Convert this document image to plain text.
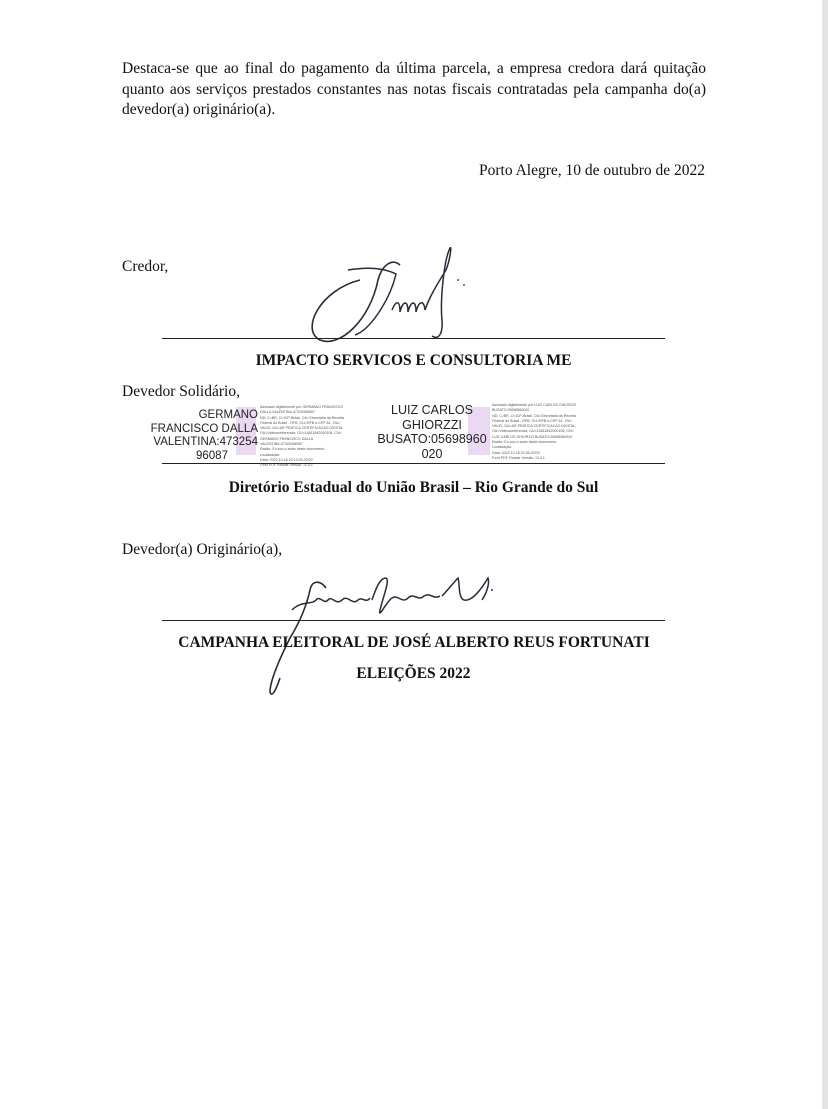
Destaca-se que ao final do pagamento da última parcela, a empresa credora dará quitação quanto aos serviços prestados constantes nas notas fiscais contratadas pela campanha do(a) devedor(a) originário(a).
Porto Alegre, 10 de outubro de 2022
Credor,
IMPACTO SERVICOS E CONSULTORIA ME
Devedor Solidário,
GERMANO
FRANCISCO DALLA
VALENTINA:473254
96087
Assinado digitalmente por GERMANO FRANCISCO
DALLA VALENTINA:47325496087
ND: C=BR, O=ICP-Brasil, OU=Secretaria da Receita
Federal do Brasil - RFB, OU=RFB e-CPF A1, OU=
VALID, OU=AR PRATICA CERTIFICACAO DIGITAL
OU=Videoconferencia, OU=14811842000106, CN=
GERMANO FRANCISCO DALLA
VALENTINA:47325496087
Razão: Eu sou o autor deste documento
Localização:
Data: 2022.10.18 20:14:03-03'00'
Foxit PDF Reader Versão: 12.0.1
LUIZ CARLOS
GHIORZZI
BUSATO:05698960
020
Assinado digitalmente por LUIZ CARLOS GHIORZZI
BUSATO:05698960020
ND: C=BR, O=ICP-Brasil, OU=Secretaria da Receita
Federal do Brasil - RFB, OU=RFB e-CPF A1, OU=
VALID, OU=AR PRATICA CERTIFICACAO DIGITAL,
OU=Videoconferencia, OU=14811842000106, CN=
LUIZ CARLOS GHIORZZI BUSATO:05698960020
Razão: Eu sou o autor deste documento
Localização:
Data: 2022.10.18 20:36-03'00'
Foxit PDF Reader Versão: 12.0.1
Diretório Estadual do União Brasil – Rio Grande do Sul
Devedor(a) Originário(a),
CAMPANHA ELEITORAL DE JOSÉ ALBERTO REUS FORTUNATI
ELEIÇÕES 2022
